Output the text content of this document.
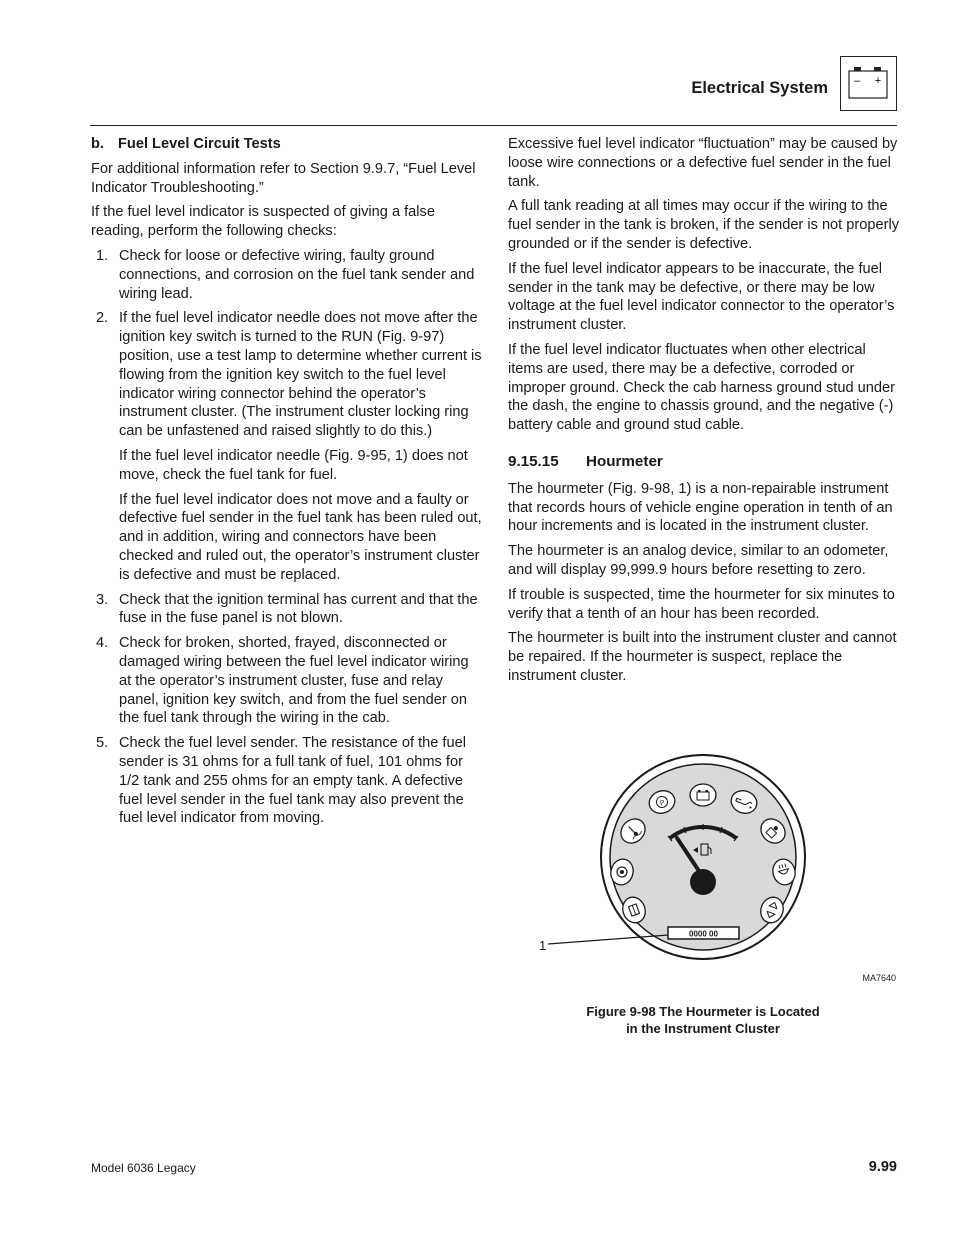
Electrical System – +
b. Fuel Level Circuit Tests

For additional information refer to Section 9.9.7, “Fuel Level Indicator Troubleshooting.”

If the fuel level indicator is suspected of giving a false reading, perform the following checks:

1. Check for loose or defective wiring, faulty ground connections, and corrosion on the fuel tank sender and wiring lead.

2. If the fuel level indicator needle does not move after the ignition key switch is turned to the RUN (Fig. 9-97) position, use a test lamp to determine whether current is flowing from the ignition key switch to the fuel level indicator wiring connector behind the operator’s instrument cluster. (The instrument cluster locking ring can be unfastened and raised slightly to do this.)

If the fuel level indicator needle (Fig. 9-95, 1) does not move, check the fuel tank for fuel.

If the fuel level indicator does not move and a faulty or defective fuel sender in the fuel tank has been ruled out, and in addition, wiring and connectors have been checked and ruled out, the operator’s instrument cluster is defective and must be replaced.

3. Check that the ignition terminal has current and that the fuse in the fuse panel is not blown.

4. Check for broken, shorted, frayed, disconnected or damaged wiring between the fuel level indicator wiring at the operator’s instrument cluster, fuse and relay panel, ignition key switch, and from the fuel sender on the fuel tank through the wiring in the cab.

5. Check the fuel level sender. The resistance of the fuel sender is 31 ohms for a full tank of fuel, 101 ohms for 1/2 tank and 255 ohms for an empty tank. A defective fuel level sender in the fuel tank may also prevent the fuel level indicator from moving.

Excessive fuel level indicator “fluctuation” may be caused by loose wire connections or a defective fuel sender in the fuel tank.

A full tank reading at all times may occur if the wiring to the fuel sender in the tank is broken, if the sender is not properly grounded or if the sender is defective.

If the fuel level indicator appears to be inaccurate, the fuel sender in the tank may be defective, or there may be low voltage at the fuel level indicator connector to the operator’s instrument cluster.

If the fuel level indicator fluctuates when other electrical items are used, there may be a defective, corroded or improper ground. Check the cab harness ground stud under the dash, the engine to chassis ground, and the negative (-) battery cable and ground stud cable.

9.15.15 Hourmeter

The hourmeter (Fig. 9-98, 1) is a non-repairable instrument that records hours of vehicle engine operation in tenth of an hour increments and is located in the instrument cluster.

The hourmeter is an analog device, similar to an odometer, and will display 99,999.9 hours before resetting to zero.

If trouble is suspected, time the hourmeter for six minutes to verify that a tenth of an hour has been recorded.

The hourmeter is built into the instrument cluster and cannot be repaired. If the hourmeter is suspect, replace the instrument cluster.

P
0000 00
1
MA7640
Figure 9-98 The Hourmeter is Located
in the Instrument Cluster
Model 6036 Legacy	9.99
